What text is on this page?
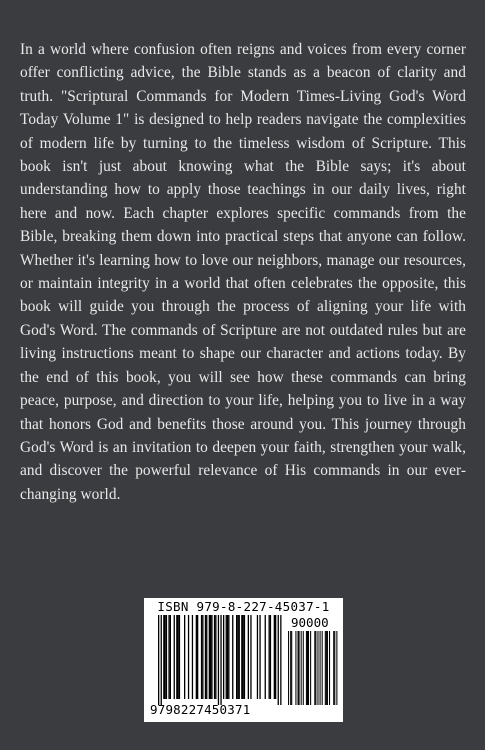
In a world where confusion often reigns and voices from every corner offer conflicting advice, the Bible stands as a beacon of clarity and truth. "Scriptural Commands for Modern Times-Living God's Word Today Volume 1" is designed to help readers navigate the complexities of modern life by turning to the timeless wisdom of Scripture. This book isn't just about knowing what the Bible says; it's about understanding how to apply those teachings in our daily lives, right here and now. Each chapter explores specific commands from the Bible, breaking them down into practical steps that anyone can follow. Whether it's learning how to love our neighbors, manage our resources, or maintain integrity in a world that often celebrates the opposite, this book will guide you through the process of aligning your life with God's Word. The commands of Scripture are not outdated rules but are living instructions meant to shape our character and actions today. By the end of this book, you will see how these commands can bring peace, purpose, and direction to your life, helping you to live in a way that honors God and benefits those around you. This journey through God's Word is an invitation to deepen your faith, strengthen your walk, and discover the powerful relevance of His commands in our ever-changing world.

ISBN 979-8-227-45037-1
90000
9798227450371
